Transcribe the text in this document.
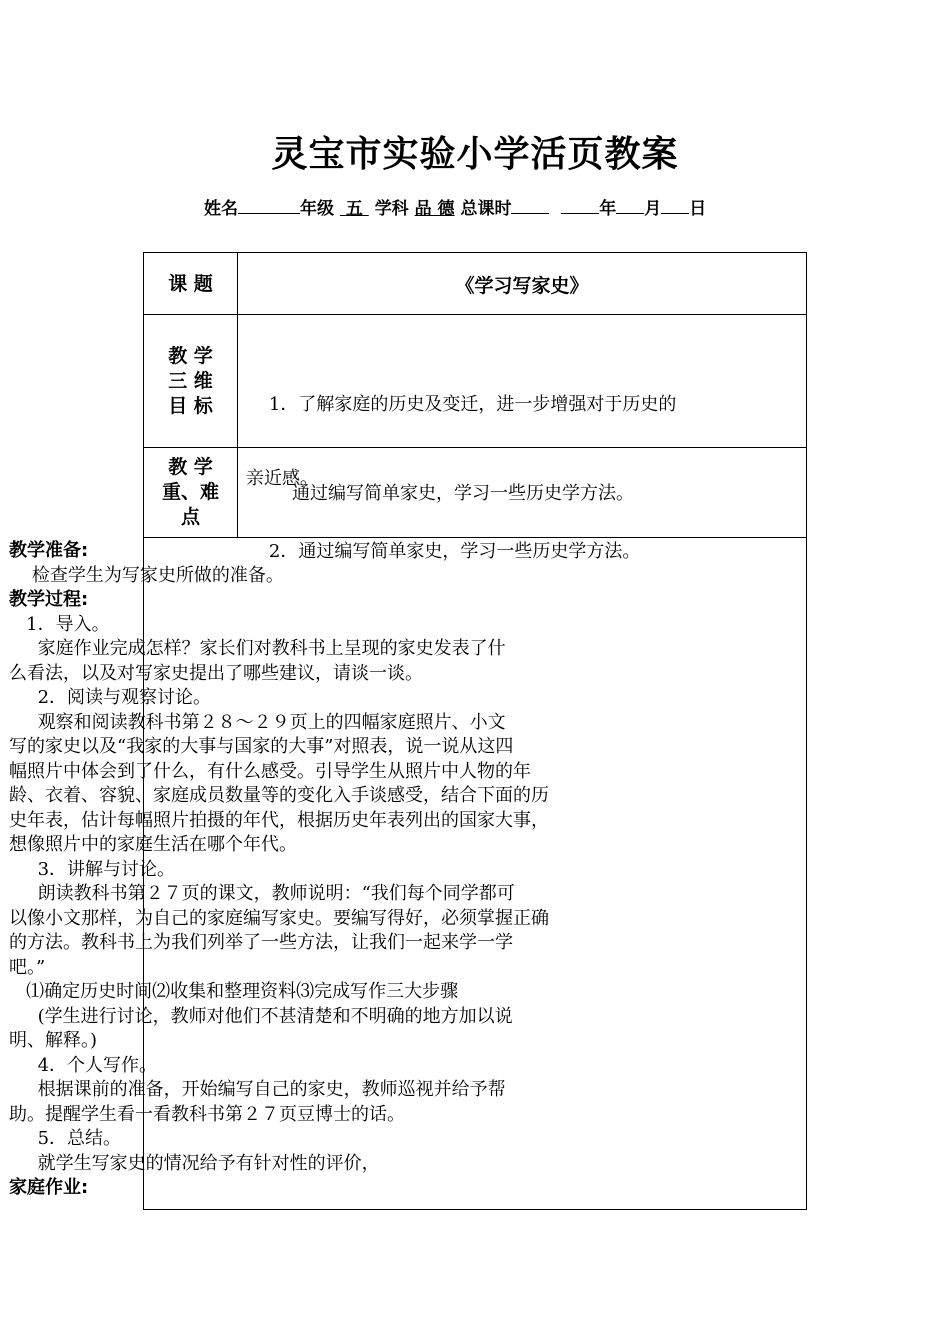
灵宝市实验小学活页教案
姓名	年级 五 学科 品 德 总课时	年 月 日
课 题	《学习写家史》
教 学
三 维
目 标

	1．了解家庭的历史及变迁，进一步增强对于历史的

亲近感。

2．通过编写简单家史，学习一些历史学方法。

教 学
重、难
点
通过编写简单家史，学习一些历史学方法。
教学准备:
检查学生为写家史所做的准备。
教学过程:
1．导入。
家庭作业完成怎样？家长们对教科书上呈现的家史发表了什
么看法，以及对写家史提出了哪些建议，请谈一谈。
2．阅读与观察讨论。
观察和阅读教科书第２８～２９页上的四幅家庭照片、小文
写的家史以及“我家的大事与国家的大事”对照表，说一说从这四
幅照片中体会到了什么，有什么感受。引导学生从照片中人物的年
龄、衣着、容貌、家庭成员数量等的变化入手谈感受，结合下面的历
史年表，估计每幅照片拍摄的年代，根据历史年表列出的国家大事，
想像照片中的家庭生活在哪个年代。
3．讲解与讨论。
朗读教科书第２７页的课文，教师说明：“我们每个同学都可
以像小文那样，为自己的家庭编写家史。要编写得好，必须掌握正确
的方法。教科书上为我们列举了一些方法，让我们一起来学一学
吧。”
⑴确定历史时间⑵收集和整理资料⑶完成写作三大步骤
(学生进行讨论，教师对他们不甚清楚和不明确的地方加以说
明、解释。)
4．个人写作。
根据课前的准备，开始编写自己的家史，教师巡视并给予帮
助。提醒学生看一看教科书第２７页豆博士的话。
5．总结。
就学生写家史的情况给予有针对性的评价，
家庭作业:
